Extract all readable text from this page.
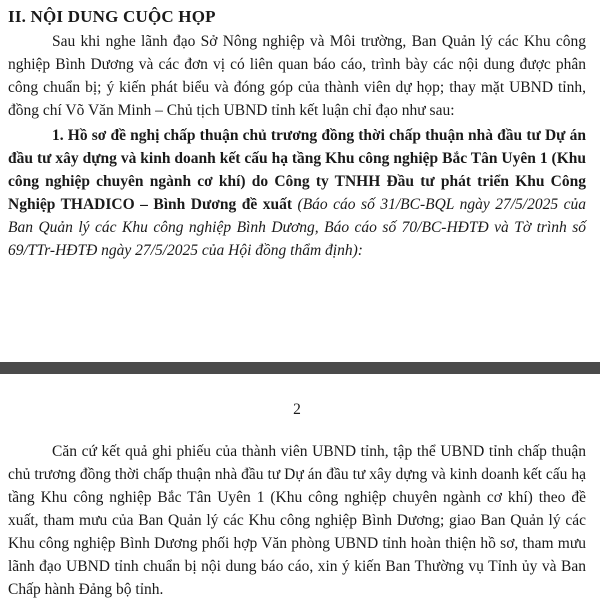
II. NỘI DUNG CUỘC HỌP

Sau khi nghe lãnh đạo Sở Nông nghiệp và Môi trường, Ban Quản lý các Khu công nghiệp Bình Dương và các đơn vị có liên quan báo cáo, trình bày các nội dung được phân công chuẩn bị; ý kiến phát biểu và đóng góp của thành viên dự họp; thay mặt UBND tỉnh, đồng chí Võ Văn Minh – Chủ tịch UBND tỉnh kết luận chỉ đạo như sau:

1. Hồ sơ đề nghị chấp thuận chủ trương đồng thời chấp thuận nhà đầu tư Dự án đầu tư xây dựng và kinh doanh kết cấu hạ tầng Khu công nghiệp Bắc Tân Uyên 1 (Khu công nghiệp chuyên ngành cơ khí) do Công ty TNHH Đầu tư phát triển Khu Công Nghiệp THADICO – Bình Dương đề xuất (Báo cáo số 31/BC-BQL ngày 27/5/2025 của Ban Quản lý các Khu công nghiệp Bình Dương, Báo cáo số 70/BC-HĐTĐ và Tờ trình số 69/TTr-HĐTĐ ngày 27/5/2025 của Hội đồng thẩm định):

2

Căn cứ kết quả ghi phiếu của thành viên UBND tỉnh, tập thể UBND tỉnh chấp thuận chủ trương đồng thời chấp thuận nhà đầu tư Dự án đầu tư xây dựng và kinh doanh kết cấu hạ tầng Khu công nghiệp Bắc Tân Uyên 1 (Khu công nghiệp chuyên ngành cơ khí) theo đề xuất, tham mưu của Ban Quản lý các Khu công nghiệp Bình Dương; giao Ban Quản lý các Khu công nghiệp Bình Dương phối hợp Văn phòng UBND tỉnh hoàn thiện hồ sơ, tham mưu lãnh đạo UBND tỉnh chuẩn bị nội dung báo cáo, xin ý kiến Ban Thường vụ Tỉnh ủy và Ban Chấp hành Đảng bộ tỉnh.
